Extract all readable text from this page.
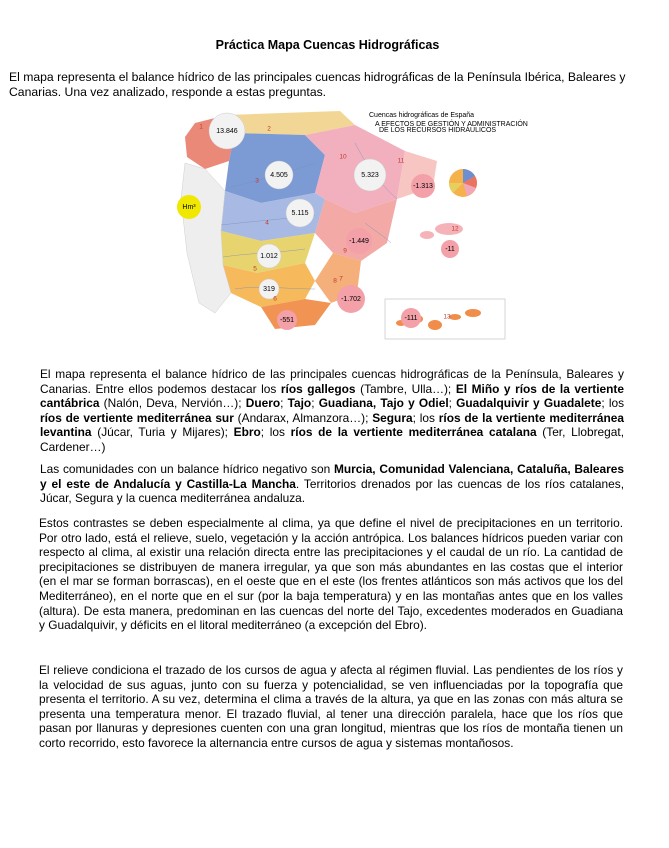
Práctica Mapa Cuencas Hidrográficas
El mapa representa el balance hídrico de las principales cuencas hidrográficas de la Península Ibérica, Baleares y
Canarias. Una vez analizado, responde a estas preguntas.
Cuencas hidrográficas de España
A EFECTOS DE GESTIÓN Y ADMINISTRACIÓN
DE LOS RECURSOS HIDRÁULICOS
Hm³
13.846
4.505	5.323
-1.313
5.115
-1.449
1.012
-11
319
-1.702
-551	-111
1	2
3
4
5
6
7
8
9
10
11
12
13
El mapa representa el balance hídrico de las principales cuencas hidrográficas de la Península, Baleares y Canarias. Entre ellos podemos destacar los ríos gallegos (Tambre, Ulla…); El Miño y ríos de la vertiente cantábrica (Nalón, Deva, Nervión…); Duero; Tajo; Guadiana, Tajo y Odiel; Guadalquivir y Guadalete; los ríos de vertiente mediterránea sur (Andarax, Almanzora…); Segura; los ríos de la vertiente mediterránea levantina (Júcar, Turia y Mijares); Ebro; los ríos de la vertiente mediterránea catalana (Ter, Llobregat, Cardener…)
Las comunidades con un balance hídrico negativo son Murcia, Comunidad Valenciana, Cataluña, Baleares y el este de Andalucía y Castilla-La Mancha. Territorios drenados por las cuencas de los ríos catalanes, Júcar, Segura y la cuenca mediterránea andaluza.
Estos contrastes se deben especialmente al clima, ya que define el nivel de precipitaciones en un territorio. Por otro lado, está el relieve, suelo, vegetación y la acción antrópica. Los balances hídricos pueden variar con respecto al clima, al existir una relación directa entre las precipitaciones y el caudal de un río. La cantidad de precipitaciones se distribuyen de manera irregular, ya que son más abundantes en las costas que el interior (en el mar se forman borrascas), en el oeste que en el este (los frentes atlánticos son más activos que los del Mediterráneo), en el norte que en el sur (por la baja temperatura) y en las montañas antes que en los valles (altura). De esta manera, predominan en las cuencas del norte del Tajo, excedentes moderados en Guadiana y Guadalquivir, y déficits en el litoral mediterráneo (a excepción del Ebro).
El relieve condiciona el trazado de los cursos de agua y afecta al régimen fluvial. Las pendientes de los ríos y la velocidad de sus aguas, junto con su fuerza y potencialidad, se ven influenciadas por la topografía que presenta el territorio. A su vez, determina el clima a través de la altura, ya que en las zonas con más altura se presenta una temperatura menor. El trazado fluvial, al tener una dirección paralela, hace que los ríos que pasan por llanuras y depresiones cuenten con una gran longitud, mientras que los ríos de montaña tienen un corto recorrido, esto favorece la alternancia entre cursos de agua y sistemas montañosos.
